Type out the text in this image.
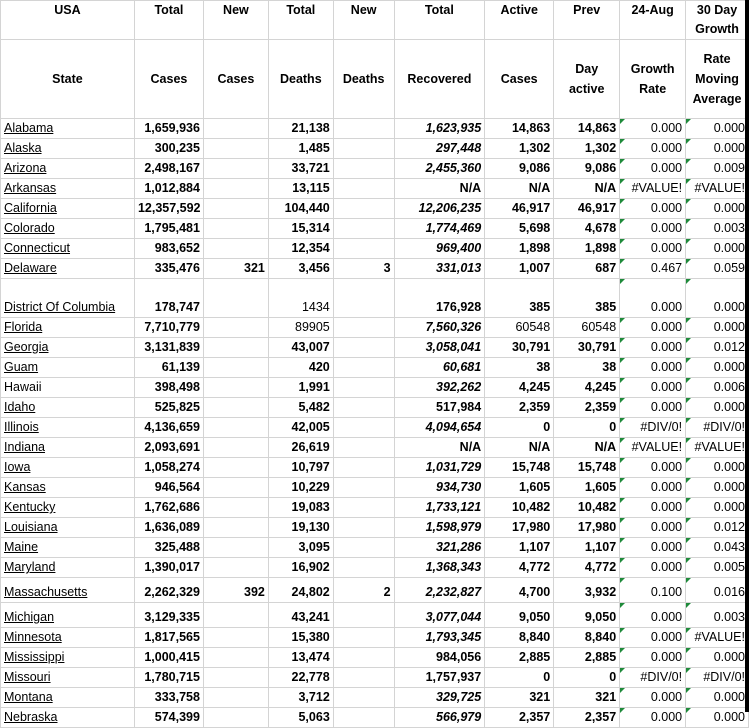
USA	Total	New	Total	New	Total	Active	Prev	24-Aug	30 Day Growth
State	Cases	Cases	Deaths	Deaths	Recovered	Cases	Day active	Growth Rate	Rate Moving Average
Alabama	1,659,936		21,138		1,623,935	14,863	14,863	0.000	0.000
Alaska	300,235		1,485		297,448	1,302	1,302	0.000	0.000
Arizona	2,498,167		33,721		2,455,360	9,086	9,086	0.000	0.009
Arkansas	1,012,884		13,115		N/A	N/A	N/A	#VALUE!	#VALUE!
California	12,357,592		104,440		12,206,235	46,917	46,917	0.000	0.000
Colorado	1,795,481		15,314		1,774,469	5,698	4,678	0.000	0.003
Connecticut	983,652		12,354		969,400	1,898	1,898	0.000	0.000
Delaware	335,476	321	3,456	3	331,013	1,007	687	0.467	0.059
District Of Columbia	178,747		1434		176,928	385	385	0.000	0.000
Florida	7,710,779		89905		7,560,326	60548	60548	0.000	0.000
Georgia	3,131,839		43,007		3,058,041	30,791	30,791	0.000	0.012
Guam	61,139		420		60,681	38	38	0.000	0.000
Hawaii	398,498		1,991		392,262	4,245	4,245	0.000	0.006
Idaho	525,825		5,482		517,984	2,359	2,359	0.000	0.000
Illinois	4,136,659		42,005		4,094,654	0	0	#DIV/0!	#DIV/0!
Indiana	2,093,691		26,619		N/A	N/A	N/A	#VALUE!	#VALUE!
Iowa	1,058,274		10,797		1,031,729	15,748	15,748	0.000	0.000
Kansas	946,564		10,229		934,730	1,605	1,605	0.000	0.000
Kentucky	1,762,686		19,083		1,733,121	10,482	10,482	0.000	0.000
Louisiana	1,636,089		19,130		1,598,979	17,980	17,980	0.000	0.012
Maine	325,488		3,095		321,286	1,107	1,107	0.000	0.043
Maryland	1,390,017		16,902		1,368,343	4,772	4,772	0.000	0.005
Massachusetts	2,262,329	392	24,802	2	2,232,827	4,700	3,932	0.100	0.016
Michigan	3,129,335		43,241		3,077,044	9,050	9,050	0.000	0.003
Minnesota	1,817,565		15,380		1,793,345	8,840	8,840	0.000	#VALUE!
Mississippi	1,000,415		13,474		984,056	2,885	2,885	0.000	0.000
Missouri	1,780,715		22,778		1,757,937	0	0	#DIV/0!	#DIV/0!
Montana	333,758		3,712		329,725	321	321	0.000	0.000
Nebraska	574,399		5,063		566,979	2,357	2,357	0.000	0.000
